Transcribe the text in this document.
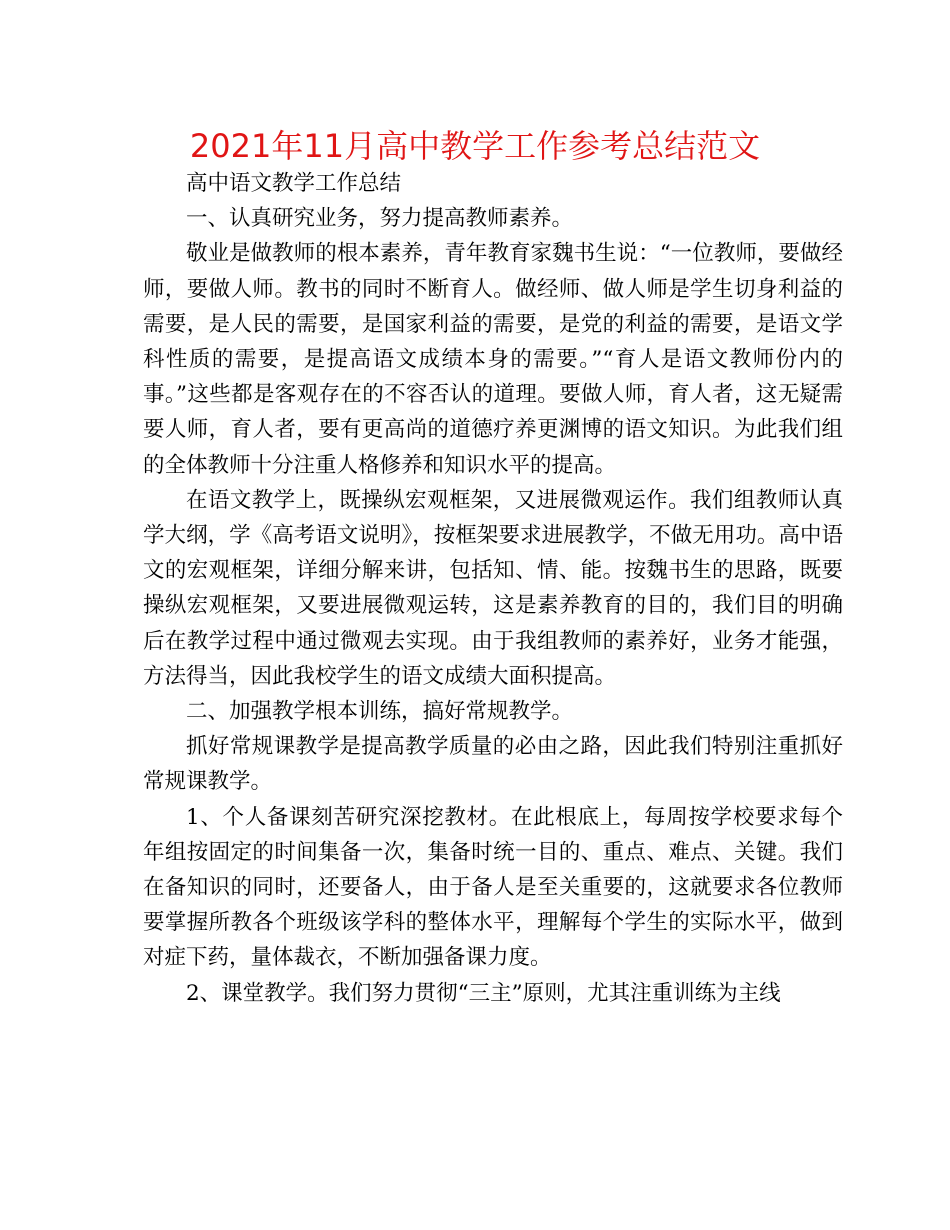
2021年11月高中教学工作参考总结范文

高中语文教学工作总结

一、认真研究业务，努力提高教师素养。

敬业是做教师的根本素养，青年教育家魏书生说：“一位教师，要做经师，要做人师。教书的同时不断育人。做经师、做人师是学生切身利益的需要，是人民的需要，是国家利益的需要，是党的利益的需要，是语文学科性质的需要，是提高语文成绩本身的需要。”“育人是语文教师份内的事。”这些都是客观存在的不容否认的道理。要做人师，育人者，这无疑需要人师，育人者，要有更高尚的道德疗养更渊博的语文知识。为此我们组的全体教师十分注重人格修养和知识水平的提高。

在语文教学上，既操纵宏观框架，又进展微观运作。我们组教师认真学大纲，学《高考语文说明》，按框架要求进展教学，不做无用功。高中语文的宏观框架，详细分解来讲，包括知、情、能。按魏书生的思路，既要操纵宏观框架，又要进展微观运转，这是素养教育的目的，我们目的明确后在教学过程中通过微观去实现。由于我组教师的素养好，业务才能强，方法得当，因此我校学生的语文成绩大面积提高。

二、加强教学根本训练，搞好常规教学。

抓好常规课教学是提高教学质量的必由之路，因此我们特别注重抓好常规课教学。

1、个人备课刻苦研究深挖教材。在此根底上，每周按学校要求每个年组按固定的时间集备一次，集备时统一目的、重点、难点、关键。我们在备知识的同时，还要备人，由于备人是至关重要的，这就要求各位教师要掌握所教各个班级该学科的整体水平，理解每个学生的实际水平，做到对症下药，量体裁衣，不断加强备课力度。

2、课堂教学。我们努力贯彻“三主”原则，尤其注重训练为主线
